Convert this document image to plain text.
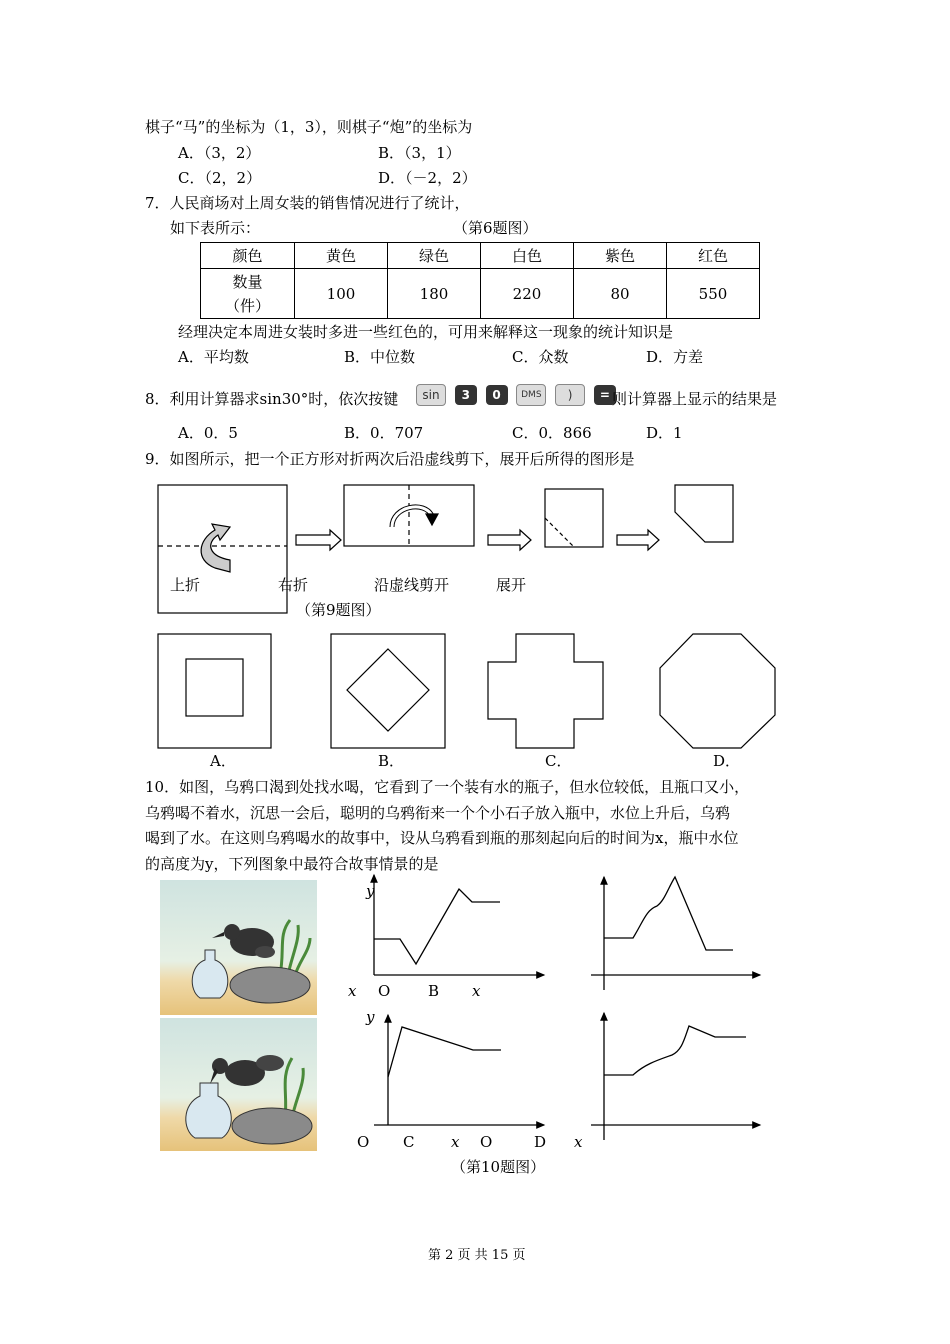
棋子“马”的坐标为（1，3），则棋子“炮”的坐标为
A．（3，2）	B．（3，1）
C．（2，2）	D．（－2，2）
7．人民商场对上周女装的销售情况进行了统计，
如下表所示：	（第6题图）
颜色	黄色	绿色	白色	紫色	红色

数量
（件）	100	180	220	80	550
经理决定本周进女装时多进一些红色的，可用来解释这一现象的统计知识是
A．平均数	B．中位数	C．众数	D．方差
8．利用计算器求sin30°时，依次按键	sin 3 0 DMS ) = 则计算器上显示的结果是
A．0．5	B．0．707	C．0．866	D．1
9．如图所示，把一个正方形对折两次后沿虚线剪下，展开后所得的图形是
上折	右折	沿虚线剪开	展开
（第9题图）
A．	B．	C．	D．
10．如图，乌鸦口渴到处找水喝，它看到了一个装有水的瓶子，但水位较低，且瓶口又小，
乌鸦喝不着水，沉思一会后，聪明的乌鸦衔来一个个小石子放入瓶中，水位上升后，乌鸦
喝到了水。在这则乌鸦喝水的故事中，设从乌鸦看到瓶的那刻起向后的时间为x，瓶中水位
的高度为y，下列图象中最符合故事情景的是
y
x O	B x
y
O C x O	D x
（第10题图）
第 2 页 共 15 页
